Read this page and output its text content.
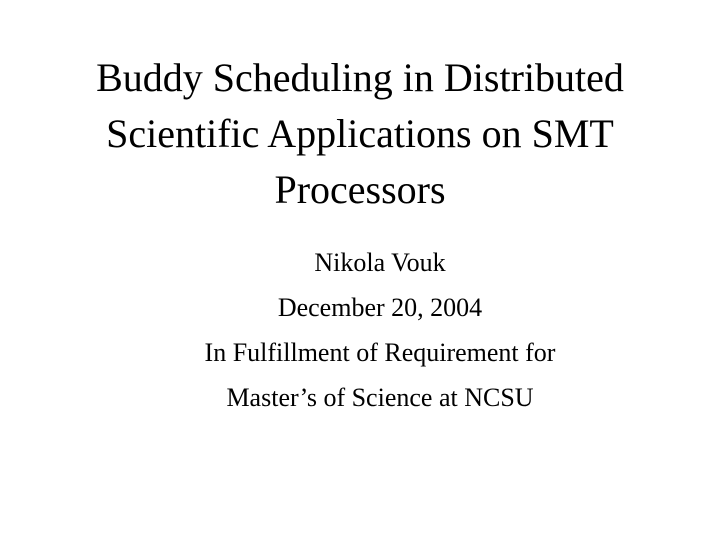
Buddy Scheduling in Distributed
Scientific Applications on SMT
Processors
Nikola Vouk
December 20, 2004
In Fulfillment of Requirement for
Master’s of Science at NCSU
